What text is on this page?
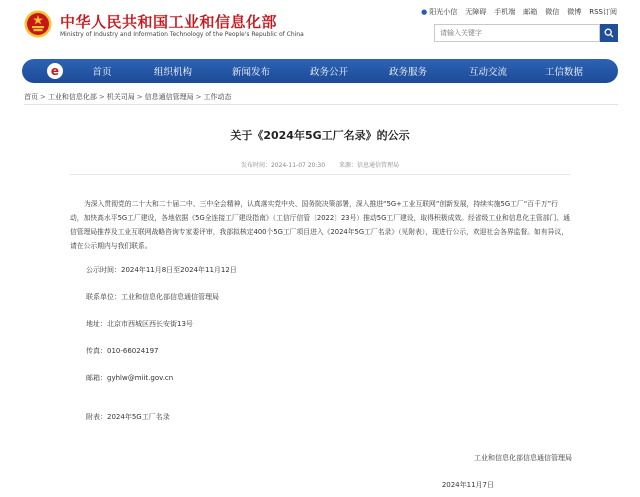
中华人民共和国工业和信息化部
Ministry of Industry and Information Technology of the People's Republic of China
● 阳光小信 无障碍 手机端 邮箱 微信 微博 RSS订阅
请输入关键字
e	首页	组织机构	新闻发布	政务公开	政务服务	互动交流	工信数据
首页 > 工业和信息化部 > 机关司局 > 信息通信管理局 > 工作动态
关于《2024年5G工厂名录》的公示
发布时间：2024-11-07 20:30 来源：信息通信管理局

为深入贯彻党的二十大和二十届二中、三中全会精神，认真落实党中央、国务院决策部署，深入推进“5G+工业互联网”创新发展，持续实施5G工厂“百千万”行动，加快高水平5G工厂建设，各地依据《5G全连接工厂建设指南》（工信厅信管〔2022〕23号）推动5G工厂建设，取得积极成效。经省级工业和信息化主管部门、通信管理局推荐及工业互联网战略咨询专家委评审，我部拟核定400个5G工厂项目进入《2024年5G工厂名录》（见附表），现进行公示，欢迎社会各界监督。如有异议，请在公示期内与我们联系。

公示时间：2024年11月8日至2024年11月12日
联系单位：工业和信息化部信息通信管理局
地址：北京市西城区西长安街13号
传真：010-66024197
邮箱：gyhlw@miit.gov.cn
附表：2024年5G工厂名录
工业和信息化部信息通信管理局
2024年11月7日
